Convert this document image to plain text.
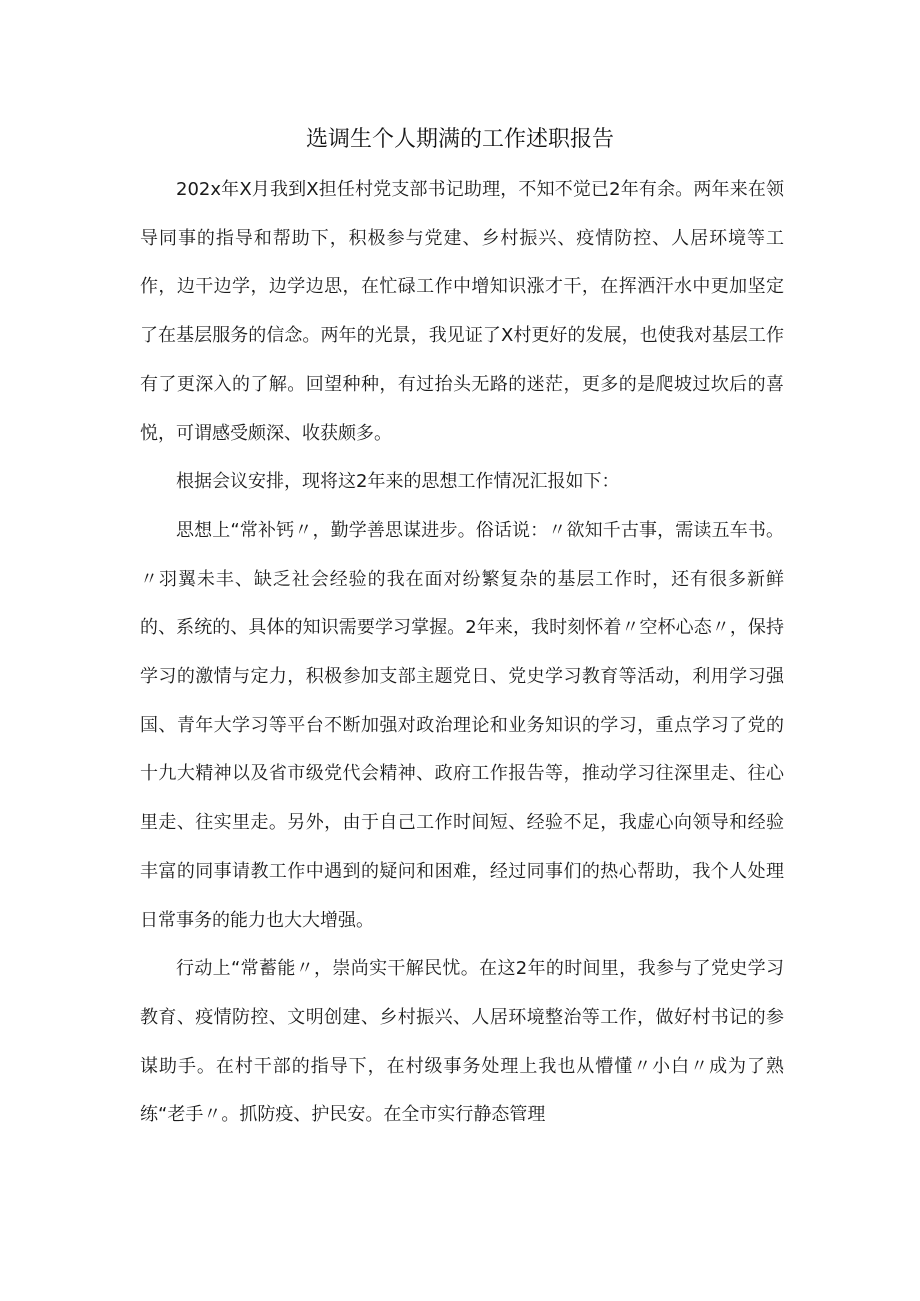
选调生个人期满的工作述职报告

202x年X月我到X担任村党支部书记助理，不知不觉已2年有余。两年来在领导同事的指导和帮助下，积极参与党建、乡村振兴、疫情防控、人居环境等工作，边干边学，边学边思，在忙碌工作中增知识涨才干，在挥洒汗水中更加坚定了在基层服务的信念。两年的光景，我见证了X村更好的发展，也使我对基层工作有了更深入的了解。回望种种，有过抬头无路的迷茫，更多的是爬坡过坎后的喜悦，可谓感受颇深、收获颇多。

根据会议安排，现将这2年来的思想工作情况汇报如下：

思想上“常补钙〃，勤学善思谋进步。俗话说：〃欲知千古事，需读五车书。〃羽翼未丰、缺乏社会经验的我在面对纷繁复杂的基层工作时，还有很多新鲜的、系统的、具体的知识需要学习掌握。2年来，我时刻怀着〃空杯心态〃，保持学习的激情与定力，积极参加支部主题党日、党史学习教育等活动，利用学习强国、青年大学习等平台不断加强对政治理论和业务知识的学习，重点学习了党的十九大精神以及省市级党代会精神、政府工作报告等，推动学习往深里走、往心里走、往实里走。另外，由于自己工作时间短、经验不足，我虚心向领导和经验丰富的同事请教工作中遇到的疑问和困难，经过同事们的热心帮助，我个人处理日常事务的能力也大大增强。

行动上“常蓄能〃，崇尚实干解民忧。在这2年的时间里，我参与了党史学习教育、疫情防控、文明创建、乡村振兴、人居环境整治等工作，做好村书记的参谋助手。在村干部的指导下，在村级事务处理上我也从懵懂〃小白〃成为了熟练“老手〃。抓防疫、护民安。在全市实行静态管理
